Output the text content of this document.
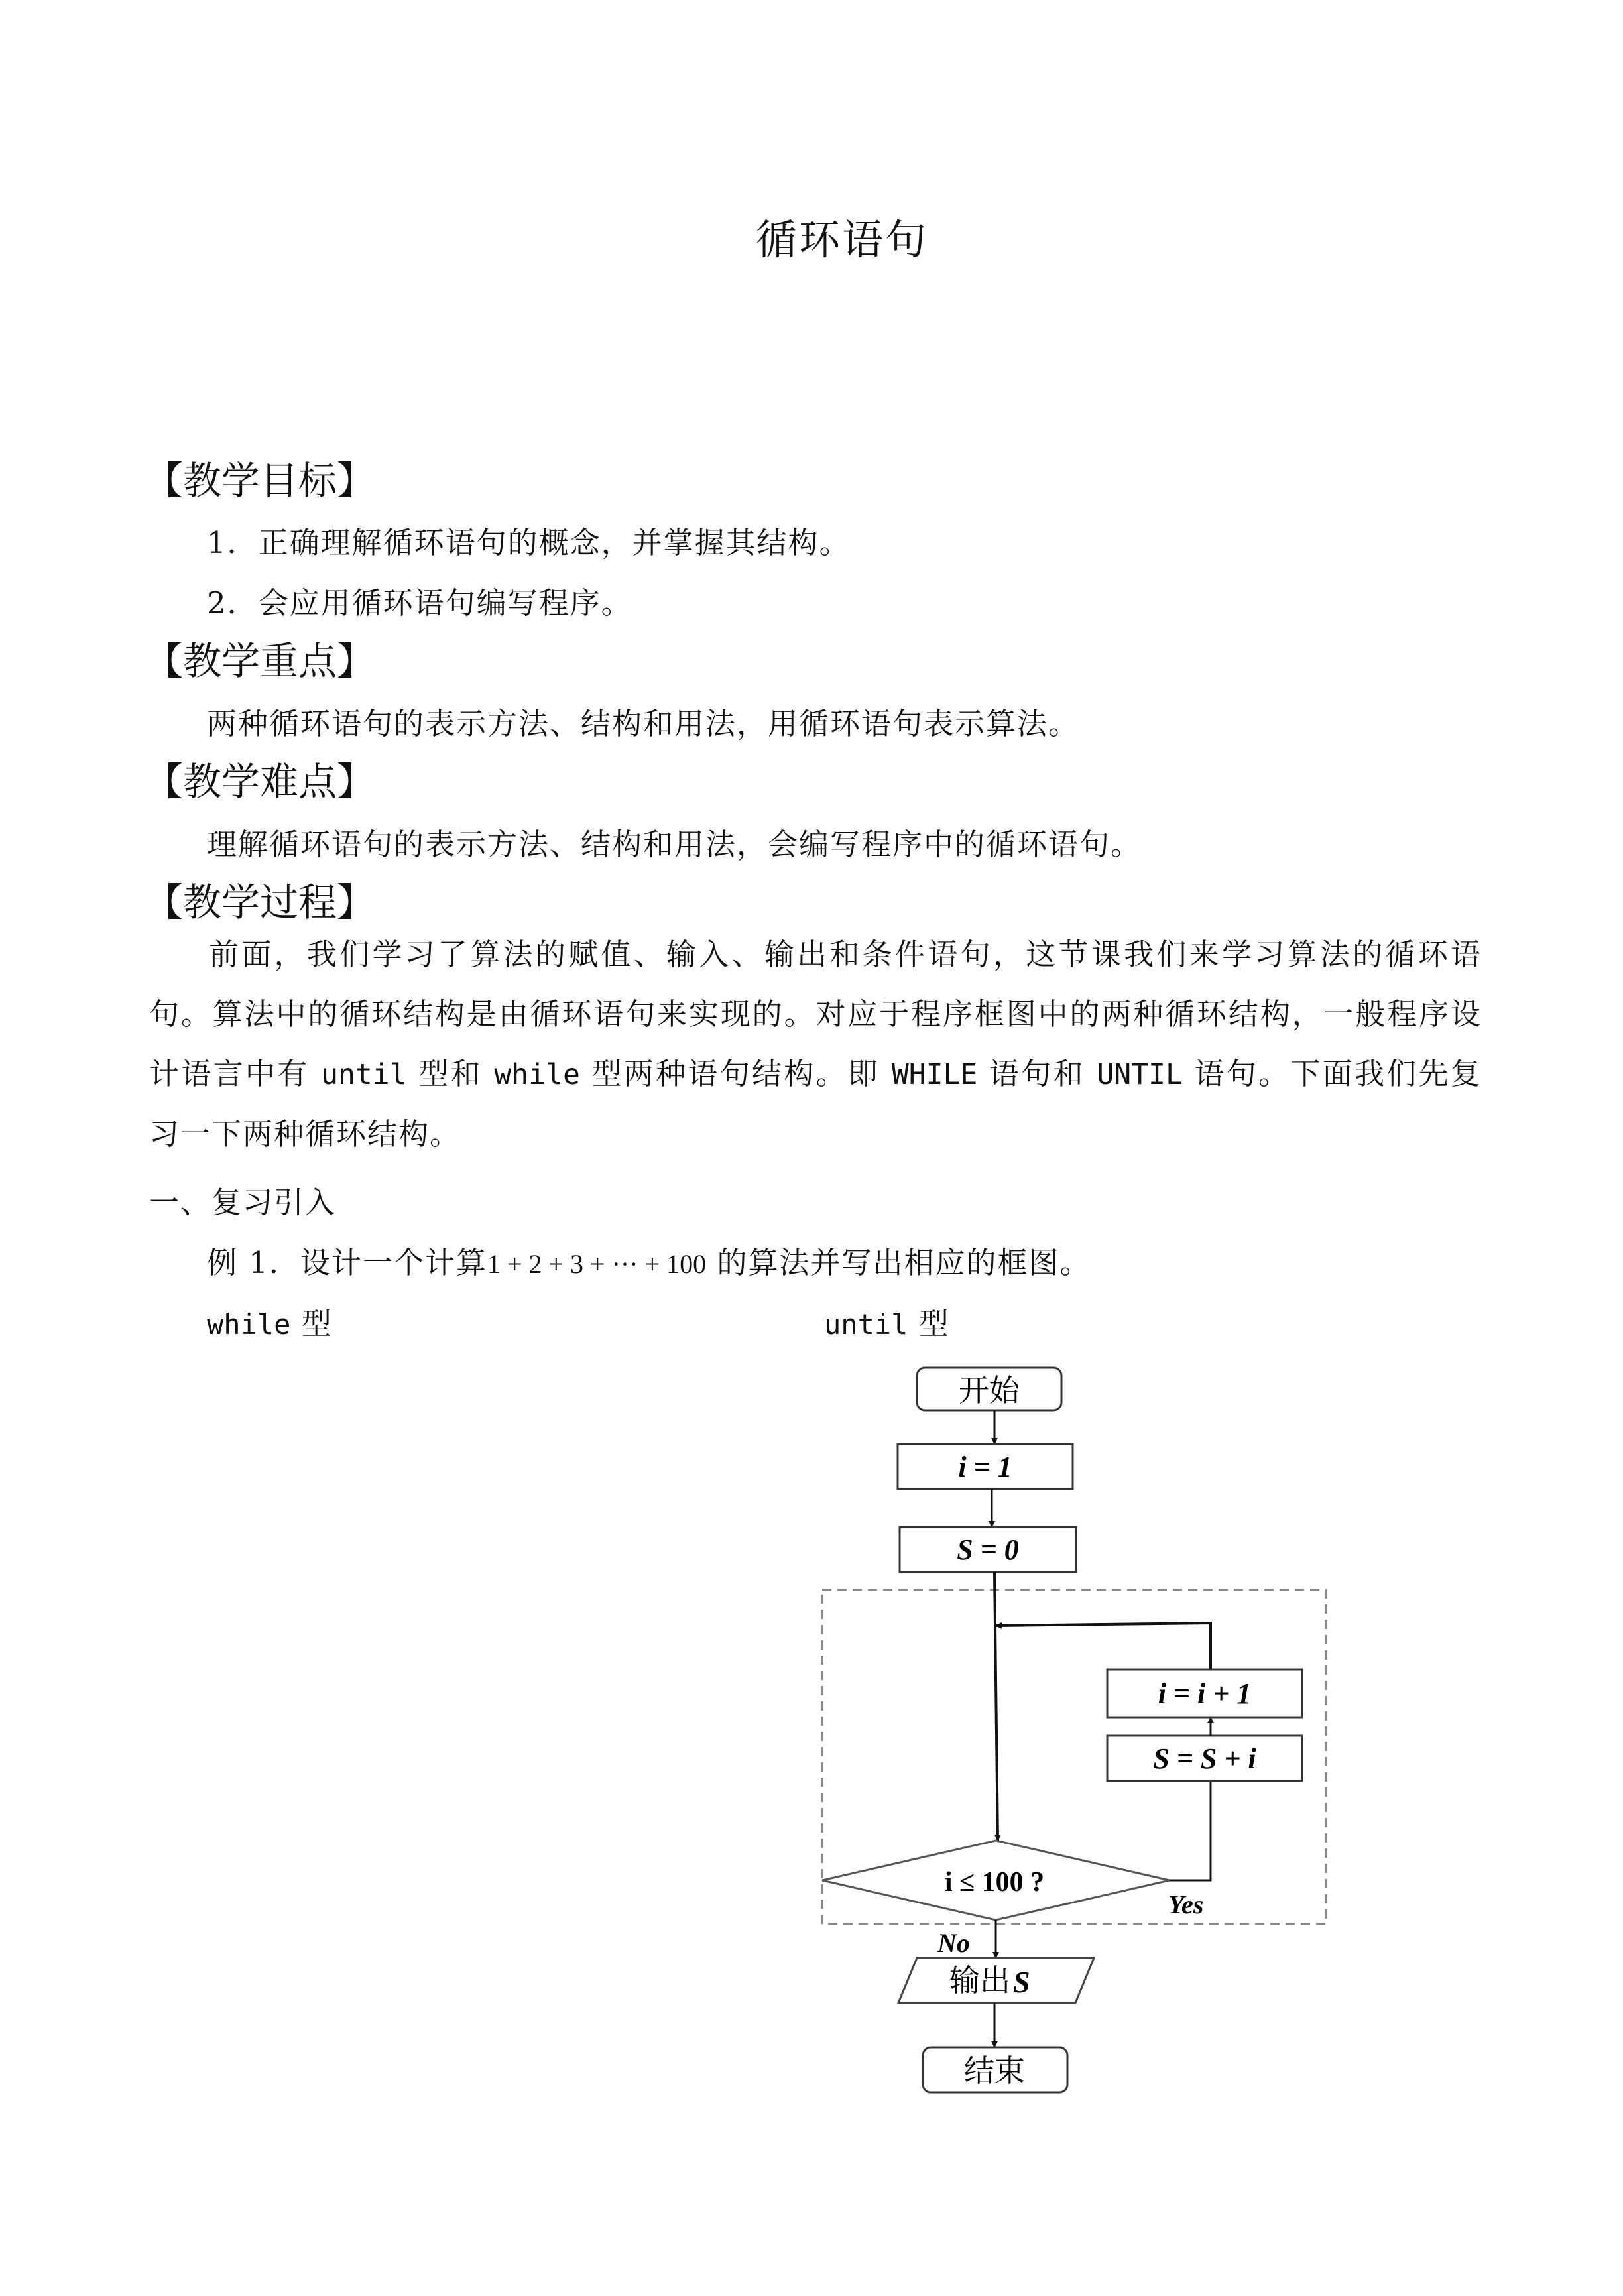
循环语句
【教学目标】
1．正确理解循环语句的概念，并掌握其结构。
2．会应用循环语句编写程序。
【教学重点】
两种循环语句的表示方法、结构和用法，用循环语句表示算法。
【教学难点】
理解循环语句的表示方法、结构和用法，会编写程序中的循环语句。
【教学过程】
前面，我们学习了算法的赋值、输入、输出和条件语句，这节课我们来学习算法的循环语句。算法中的循环结构是由循环语句来实现的。对应于程序框图中的两种循环结构，一般程序设计语言中有 until 型和 while 型两种语句结构。即 WHILE 语句和 UNTIL 语句。下面我们先复习一下两种循环结构。
一、复习引入
例 1．设计一个计算1 + 2 + 3 + ··· + 100 的算法并写出相应的框图。
while 型	until 型
开始
i = 1
S = 0
i ≤ 100 ?
Yes
S = S + i
i = i + 1
No
输出 S
结束
